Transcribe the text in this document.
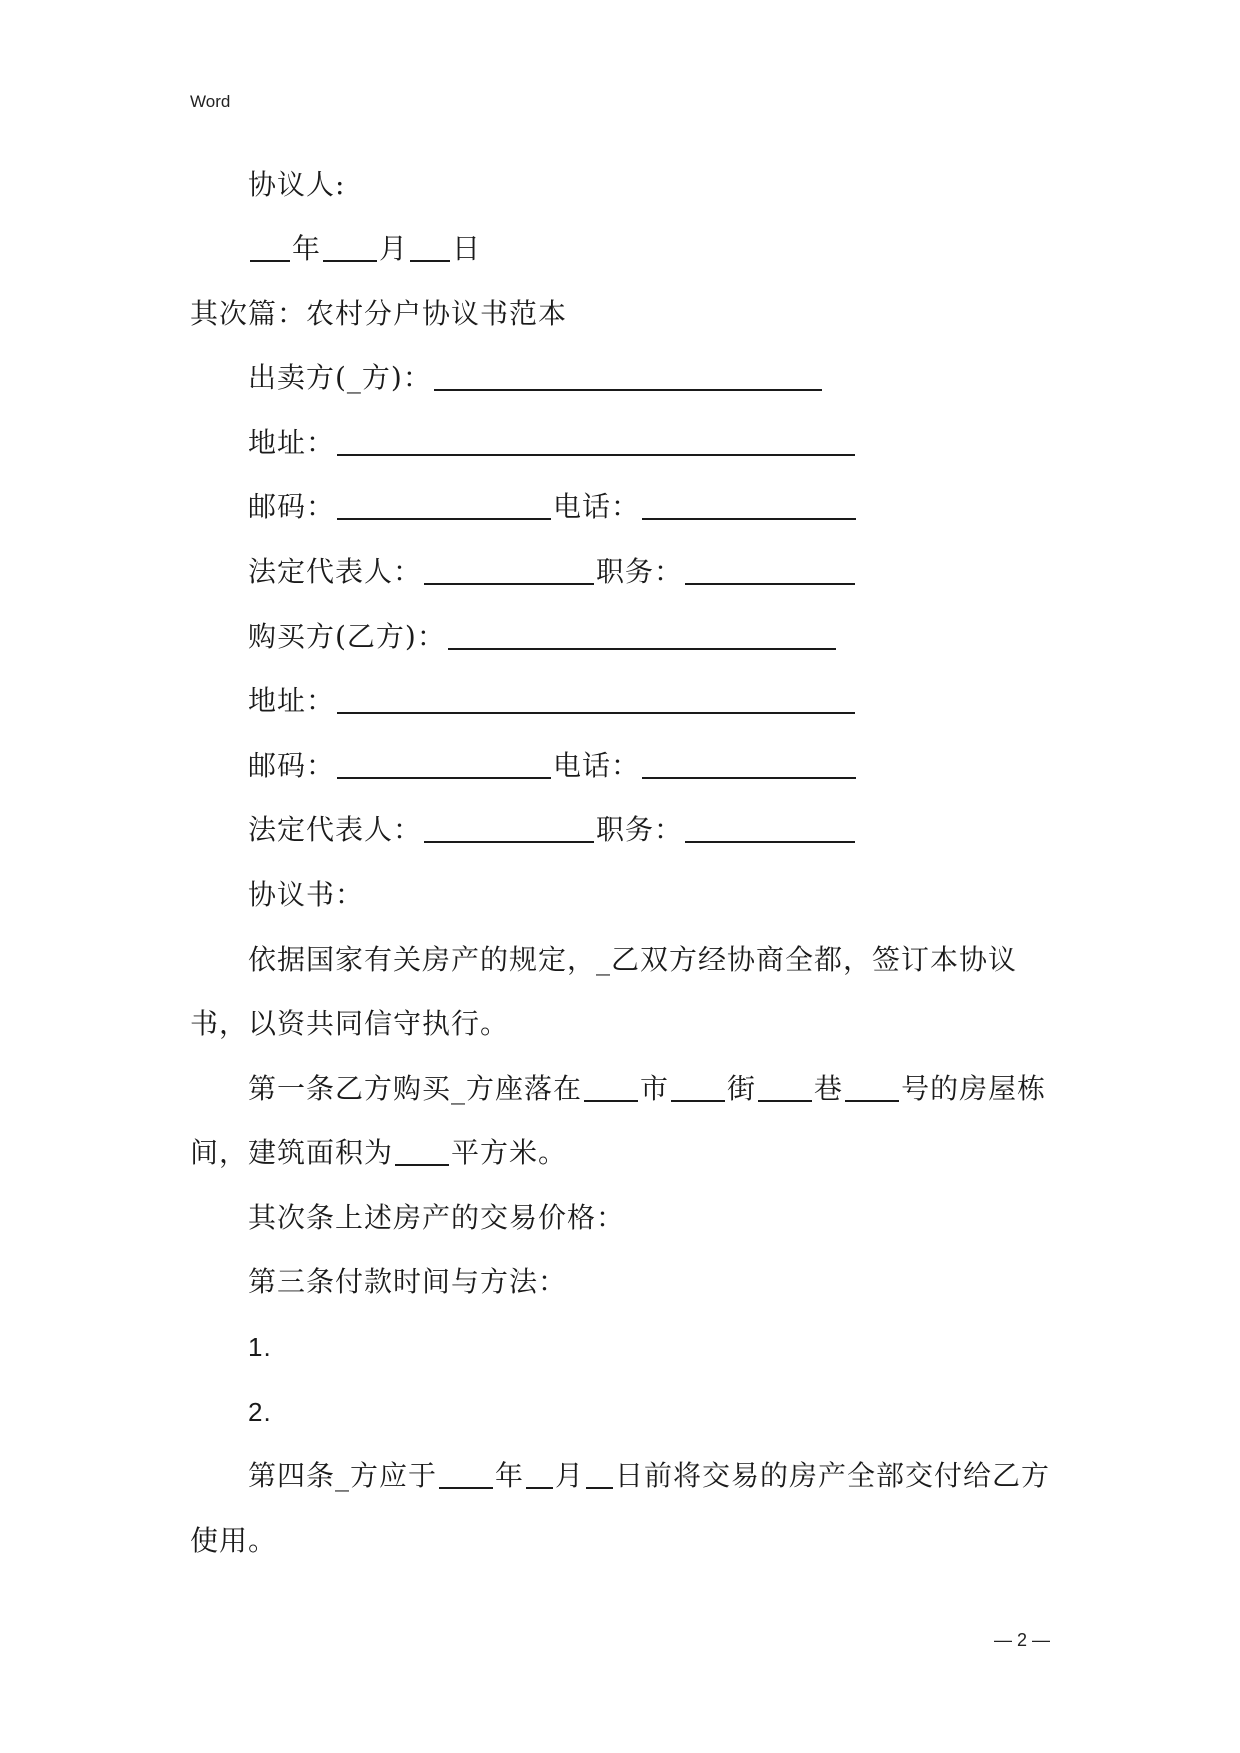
Word
协议人:
年 月 日
其次篇：农村分户协议书范本
出卖方(_方)：
地址：
邮码：	电话：
法定代表人：	职务：
购买方(乙方)：
地址：
邮码：	电话：
法定代表人：	职务：
协议书：
依据国家有关房产的规定，_乙双方经协商全都，签订本协议
书，以资共同信守执行。
第一条乙方购买_方座落在 市 街 巷 号的房屋栋
间，建筑面积为 平方米。
其次条上述房产的交易价格：
第三条付款时间与方法：
1.
2.
第四条_方应于 年 月 日前将交易的房产全部交付给乙方
使用。
— 2 —
